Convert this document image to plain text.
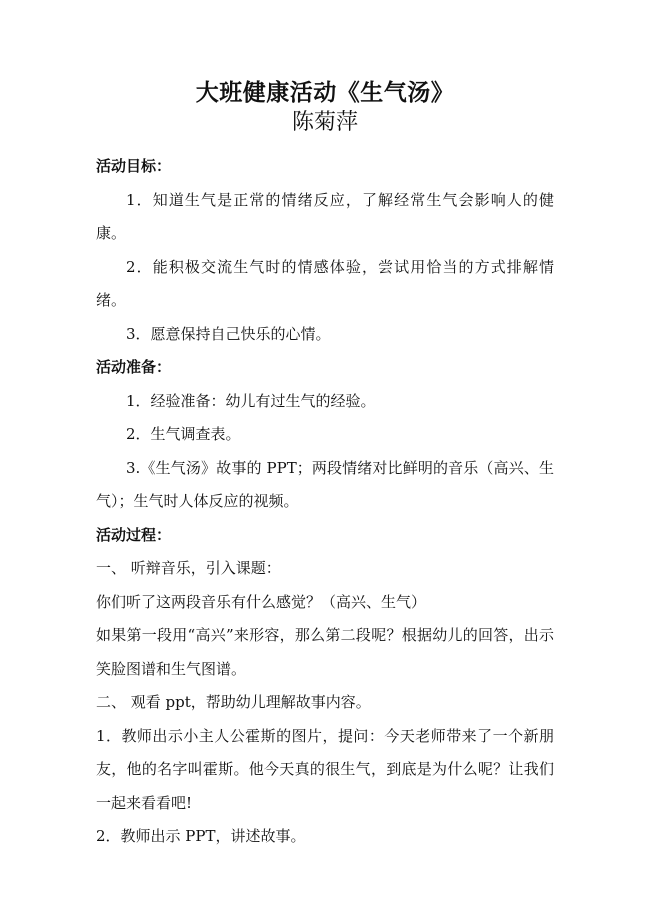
大班健康活动《生气汤》

陈菊萍

活动目标：

1．知道生气是正常的情绪反应，了解经常生气会影响人的健康。

2．能积极交流生气时的情感体验，尝试用恰当的方式排解情绪。

3．愿意保持自己快乐的心情。

活动准备：

1．经验准备：幼儿有过生气的经验。

2．生气调查表。

3.《生气汤》故事的 PPT；两段情绪对比鲜明的音乐（高兴、生气）；生气时人体反应的视频。

活动过程：

一、 听辩音乐，引入课题：

你们听了这两段音乐有什么感觉？（高兴、生气）

如果第一段用“高兴”来形容，那么第二段呢？根据幼儿的回答，出示笑脸图谱和生气图谱。

二、 观看 ppt，帮助幼儿理解故事内容。

1．教师出示小主人公霍斯的图片，提问：今天老师带来了一个新朋友，他的名字叫霍斯。他今天真的很生气，到底是为什么呢？让我们一起来看看吧!

2．教师出示 PPT，讲述故事。
